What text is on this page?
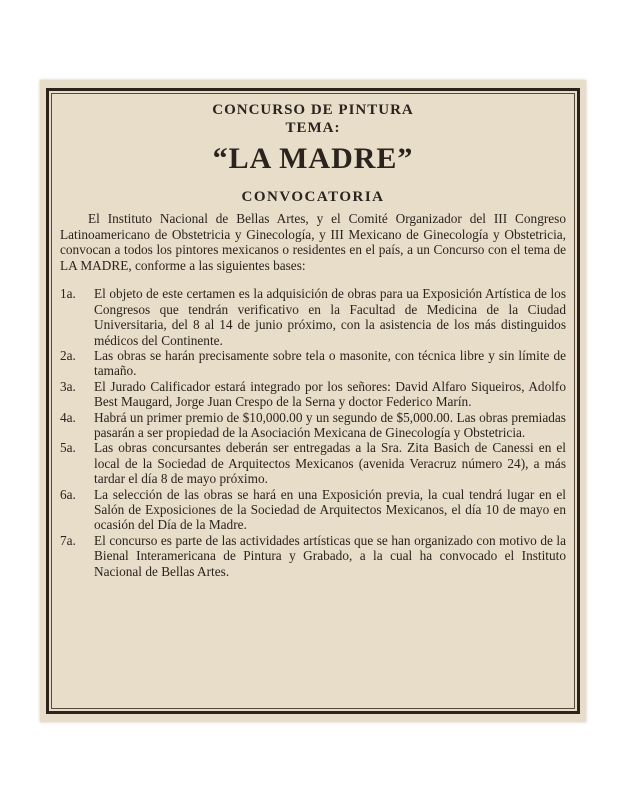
CONCURSO DE PINTURA
TEMA:
“LA MADRE”
CONVOCATORIA

El Instituto Nacional de Bellas Artes, y el Comité Organizador del III Congreso Latinoamericano de Obstetricia y Ginecología, y III Mexicano de Ginecología y Obstetricia, convocan a todos los pintores mexicanos o residentes en el país, a un Concurso con el tema de LA MADRE, conforme a las siguientes bases:

1a.	El objeto de este certamen es la adquisición de obras para ua Exposición Artística de los Congresos que tendrán verificativo en la Facultad de Medicina de la Ciudad Universitaria, del 8 al 14 de junio próximo, con la asistencia de los más distinguidos médicos del Continente.
2a.	Las obras se harán precisamente sobre tela o masonite, con técnica libre y sin límite de tamaño.
3a.	El Jurado Calificador estará integrado por los señores: David Alfaro Siqueiros, Adolfo Best Maugard, Jorge Juan Crespo de la Serna y doctor Federico Marín.
4a.	Habrá un primer premio de $10,000.00 y un segundo de $5,000.00. Las obras premiadas pasarán a ser propiedad de la Asociación Mexicana de Ginecología y Obstetricia.
5a.	Las obras concursantes deberán ser entregadas a la Sra. Zita Basich de Canessi en el local de la Sociedad de Arquitectos Mexicanos (avenida Veracruz número 24), a más tardar el día 8 de mayo próximo.
6a.	La selección de las obras se hará en una Exposición previa, la cual tendrá lugar en el Salón de Exposiciones de la Sociedad de Arquitectos Mexicanos, el día 10 de mayo en ocasión del Día de la Madre.
7a.	El concurso es parte de las actividades artísticas que se han organizado con motivo de la Bienal Interamericana de Pintura y Grabado, a la cual ha convocado el Instituto Nacional de Bellas Artes.
